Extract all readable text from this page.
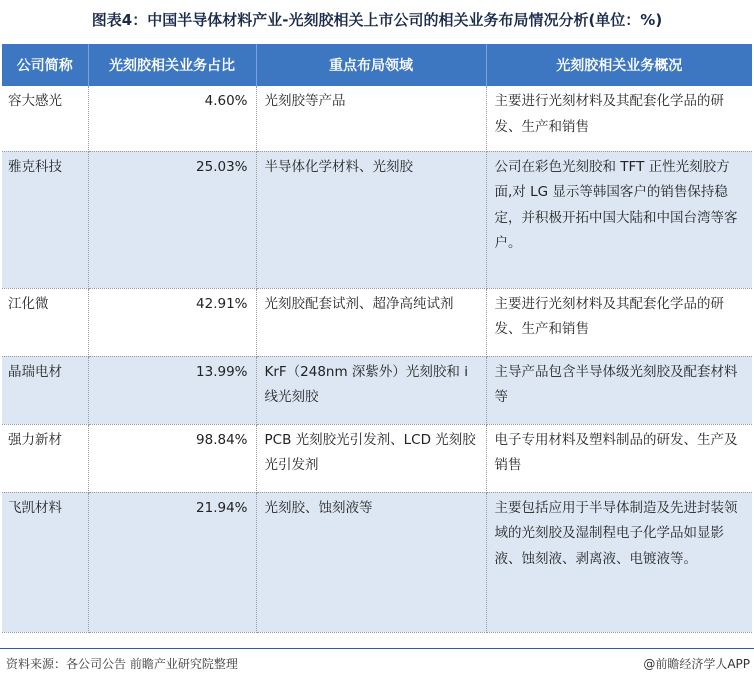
图表4：中国半导体材料产业-光刻胶相关上市公司的相关业务布局情况分析(单位：%)
公司简称	光刻胶相关业务占比	重点布局领域	光刻胶相关业务概况
容大感光	4.60%	光刻胶等产品	主要进行光刻材料及其配套化学品的研发、生产和销售
雅克科技	25.03%	半导体化学材料、光刻胶	公司在彩色光刻胶和 TFT 正性光刻胶方面,对 LG 显示等韩国客户的销售保持稳定，并积极开拓中国大陆和中国台湾等客户。
江化微	42.91%	光刻胶配套试剂、超净高纯试剂	主要进行光刻材料及其配套化学品的研发、生产和销售
晶瑞电材	13.99%	KrF（248nm 深紫外）光刻胶和 i 线光刻胶	主导产品包含半导体级光刻胶及配套材料等
强力新材	98.84%	PCB 光刻胶光引发剂、LCD 光刻胶光引发剂	电子专用材料及塑料制品的研发、生产及销售
飞凯材料	21.94%	光刻胶、蚀刻液等	主要包括应用于半导体制造及先进封装领域的光刻胶及湿制程电子化学品如显影液、蚀刻液、剥离液、电镀液等。
资料来源：各公司公告 前瞻产业研究院整理	@前瞻经济学人APP
